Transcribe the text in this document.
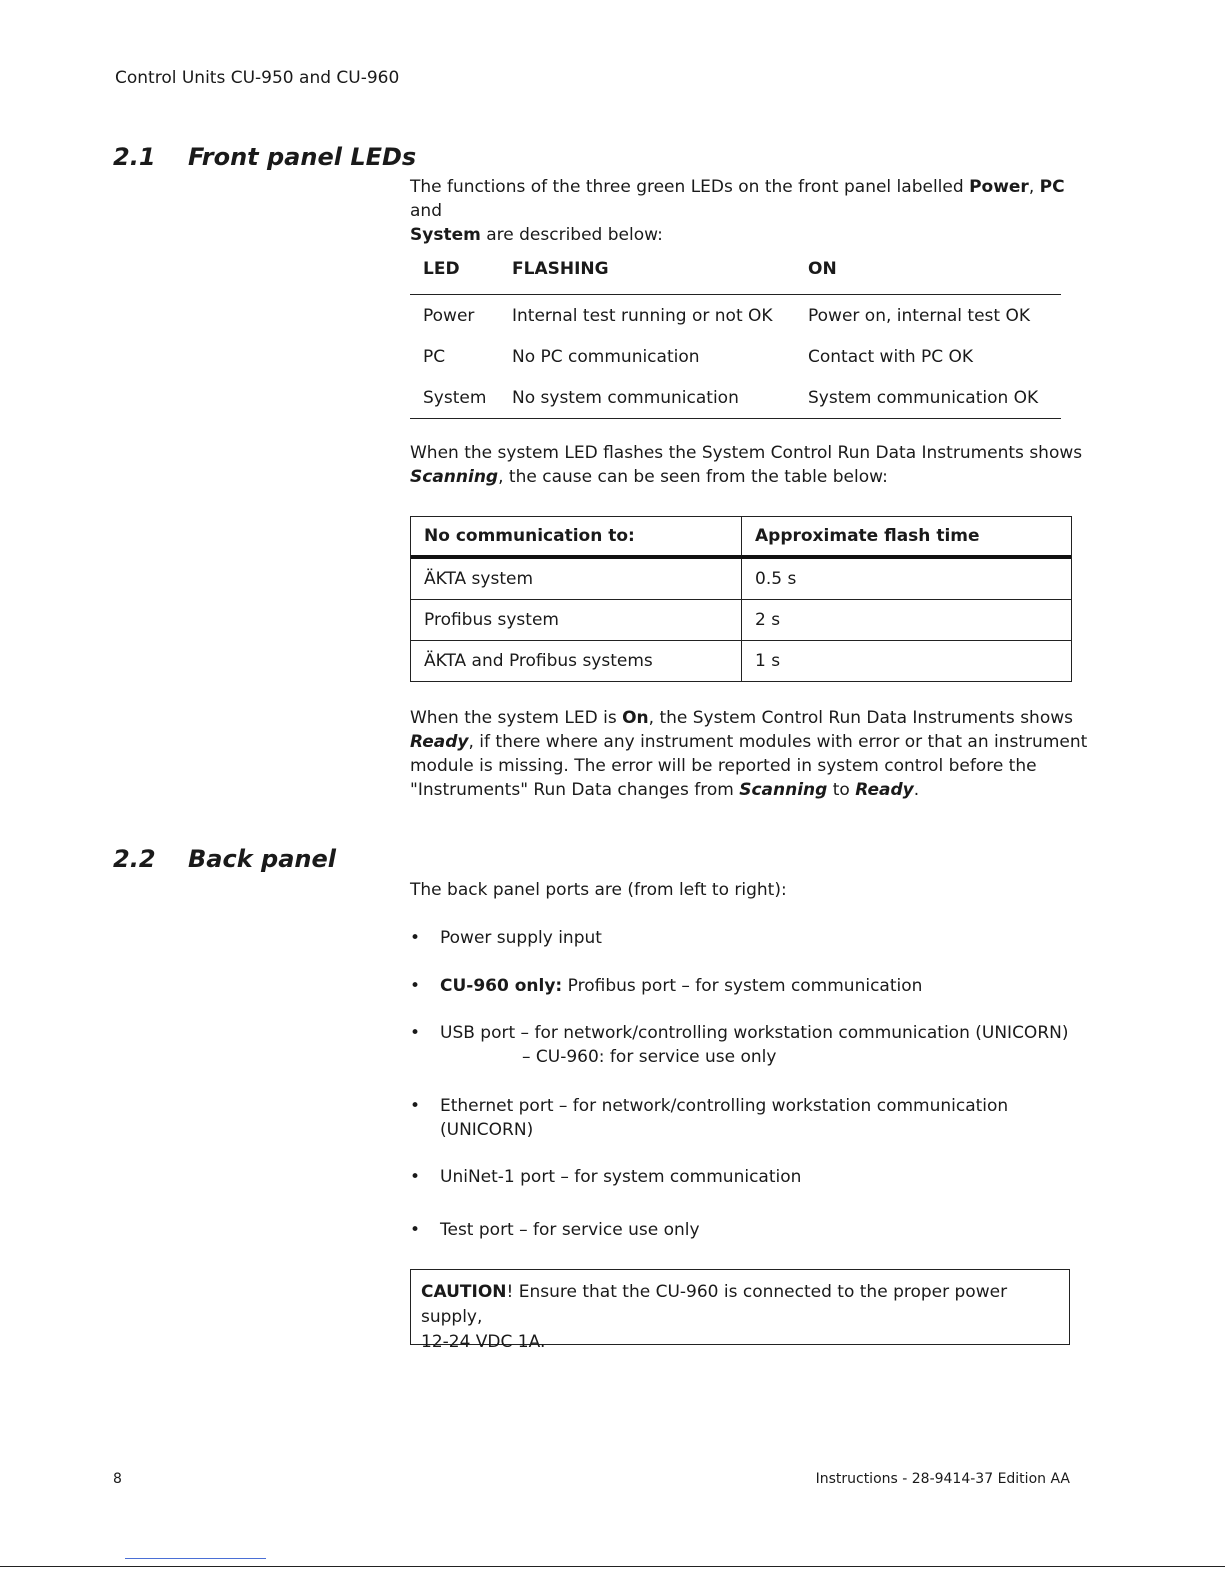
Control Units CU-950 and CU-960
2.1 Front panel LEDs
The functions of the three green LEDs on the front panel labelled Power, PC and
System are described below:
LED	FLASHING	ON
Power	Internal test running or not OK	Power on, internal test OK
PC	No PC communication	Contact with PC OK
System	No system communication	System communication OK
When the system LED flashes the System Control Run Data Instruments shows
Scanning, the cause can be seen from the table below:
No communication to:	Approximate flash time
ÄKTA system	0.5 s
Profibus system	2 s
ÄKTA and Profibus systems	1 s
When the system LED is On, the System Control Run Data Instruments shows
Ready, if there where any instrument modules with error or that an instrument
module is missing. The error will be reported in system control before the
"Instruments" Run Data changes from Scanning to Ready.
2.2 Back panel
The back panel ports are (from left to right):
• Power supply input
• CU-960 only: Profibus port – for system communication
• USB port – for network/controlling workstation communication (UNICORN)
– CU-960: for service use only
• Ethernet port – for network/controlling workstation communication
(UNICORN)
• UniNet-1 port – for system communication
• Test port – for service use only
CAUTION! Ensure that the CU-960 is connected to the proper power supply,
12-24 VDC 1A.
8	Instructions - 28-9414-37 Edition AA
